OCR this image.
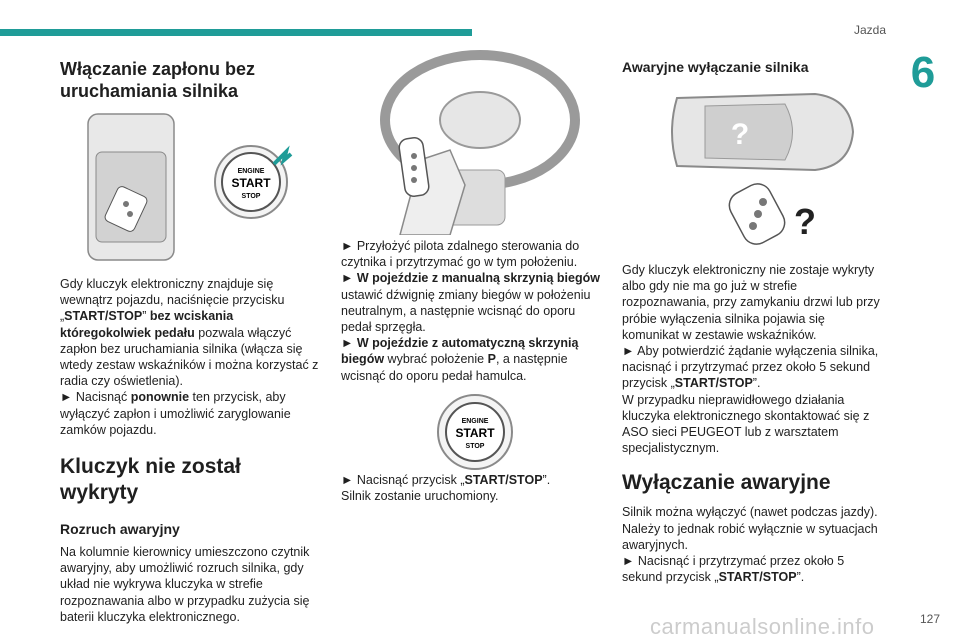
Jazda
6

Włączanie zapłonu bez uruchamiania silnika

ENGINE
START
STOP

Gdy kluczyk elektroniczny znajduje się wewnątrz pojazdu, naciśnięcie przycisku „START/STOP” bez wciskania któregokolwiek pedału pozwala włączyć zapłon bez uruchamiania silnika (włącza się wtedy zestaw wskaźników i można korzystać z radia czy oświetlenia).

► Nacisnąć ponownie ten przycisk, aby wyłączyć zapłon i umożliwić zaryglowanie zamków pojazdu.

Kluczyk nie został wykryty

Rozruch awaryjny

Na kolumnie kierownicy umieszczono czytnik awaryjny, aby umożliwić rozruch silnika, gdy układ nie wykrywa kluczyka w strefie rozpoznawania albo w przypadku zużycia się baterii kluczyka elektronicznego.

► Przyłożyć pilota zdalnego sterowania do czytnika i przytrzymać go w tym położeniu.

► W pojeździe z manualną skrzynią biegów ustawić dźwignię zmiany biegów w położeniu neutralnym, a następnie wcisnąć do oporu pedał sprzęgła.

► W pojeździe z automatyczną skrzynią biegów wybrać położenie P, a następnie wcisnąć do oporu pedał hamulca.

ENGINE
START
STOP

► Nacisnąć przycisk „START/STOP”.

Silnik zostanie uruchomiony.

Awaryjne wyłączanie silnika

?
?

Gdy kluczyk elektroniczny nie zostaje wykryty albo gdy nie ma go już w strefie rozpoznawania, przy zamykaniu drzwi lub przy próbie wyłączenia silnika pojawia się komunikat w zestawie wskaźników.

► Aby potwierdzić żądanie wyłączenia silnika, nacisnąć i przytrzymać przez około 5 sekund przycisk „START/STOP”.

W przypadku nieprawidłowego działania kluczyka elektronicznego skontaktować się z ASO sieci PEUGEOT lub z warsztatem specjalistycznym.

Wyłączanie awaryjne

Silnik można wyłączyć (nawet podczas jazdy). Należy to jednak robić wyłącznie w sytuacjach awaryjnych.

► Nacisnąć i przytrzymać przez około 5 sekund przycisk „START/STOP”.

carmanualsonline.info	127
